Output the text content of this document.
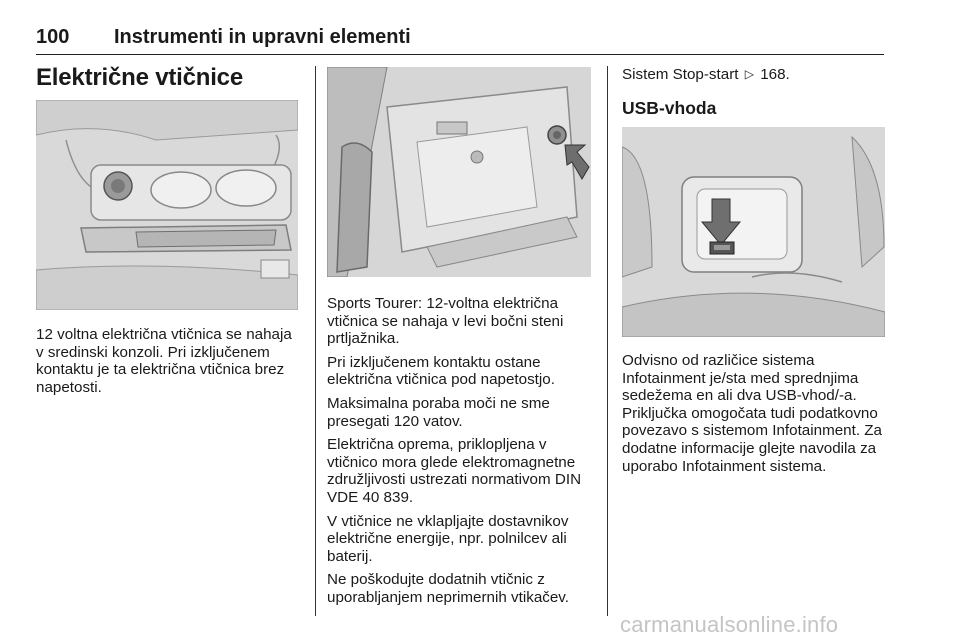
100 Instrumenti in upravni elementi
Električne vtičnice

12 voltna električna vtičnica se nahaja v sredinski konzoli. Pri izključenem kontaktu je ta električna vtičnica brez napetosti.

Sports Tourer: 12-voltna električna vtičnica se nahaja v levi bočni steni prtljažnika.

Pri izključenem kontaktu ostane električna vtičnica pod napetostjo.

Maksimalna poraba moči ne sme presegati 120 vatov.

Električna oprema, priklopljena v vtičnico mora glede elektromagnetne združljivosti ustrezati normativom DIN VDE 40 839.

V vtičnice ne vklapljajte dostavnikov električne energije, npr. polnilcev ali baterij.

Ne poškodujte dodatnih vtičnic z uporabljanjem neprimernih vtikačev.

Sistem Stop-start ▷ 168.
USB-vhoda

Odvisno od različice sistema Infotainment je/sta med sprednjima sedežema en ali dva USB-vhod/-a. Priključka omogočata tudi podatkovno povezavo s sistemom Infotainment. Za dodatne informacije glejte navodila za uporabo Infotainment sistema.

carmanualsonline.info
